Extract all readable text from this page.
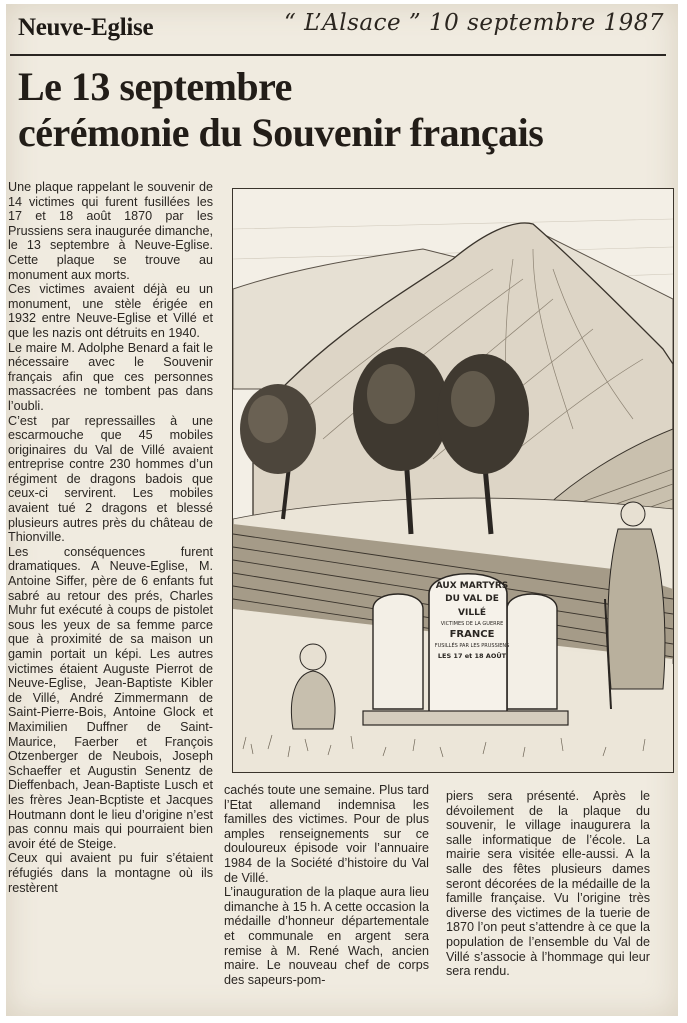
Neuve-Eglise	“ L’Alsace ” 10 septembre 1987
Le 13 septembre
cérémonie du Souvenir français

Une plaque rappelant le souvenir de 14 victimes qui furent fusillées les 17 et 18 août 1870 par les Prussiens sera inaugurée dimanche, le 13 septembre à Neuve-Eglise. Cette plaque se trouve au monument aux morts.

Ces victimes avaient déjà eu un monument, une stèle érigée en 1932 entre Neuve-Eglise et Villé et que les nazis ont détruits en 1940.

Le maire M. Adolphe Benard a fait le nécessaire avec le Souvenir français afin que ces personnes massacrées ne tombent pas dans l’oubli.

C’est par repressailles à une escarmouche que 45 mobiles originaires du Val de Villé avaient entreprise contre 230 hommes d’un régiment de dragons badois que ceux-ci servirent. Les mobiles avaient tué 2 dragons et blessé plusieurs autres près du château de Thionville.

Les conséquences furent dramatiques. A Neuve-Eglise, M. Antoine Siffer, père de 6 enfants fut sabré au retour des prés, Charles Muhr fut exécuté à coups de pistolet sous les yeux de sa femme parce que à proximité de sa maison un gamin portait un képi. Les autres victimes étaient Auguste Pierrot de Neuve-Eglise, Jean-Baptiste Kibler de Villé, André Zimmermann de Saint-Pierre-Bois, Antoine Glock et Maximilien Duffner de Saint-Maurice, Faerber et François Otzenberger de Neubois, Joseph Schaeffer et Augustin Senentz de Dieffenbach, Jean-Baptiste Lusch et les frères Jean-Bcptiste et Jacques Houtmann dont le lieu d’origine n’est pas connu mais qui pourraient bien avoir été de Steige.

Ceux qui avaient pu fuir s’étaient réfugiés dans la montagne où ils restèrent

AUX MARTYRS
DU VAL DE VILLÉ
VICTIMES DE LA GUERRE
FRANCE
FUSILLÉS PAR LES PRUSSIENS
LES 17 et 18 AOÛT

cachés toute une semaine. Plus tard l’Etat allemand indemnisa les familles des victimes. Pour de plus amples renseignements sur ce douloureux épisode voir l’annuaire 1984 de la Société d’histoire du Val de Villé.

L’inauguration de la plaque aura lieu dimanche à 15 h. A cette occasion la médaille d’honneur départementale et communale en argent sera remise à M. René Wach, ancien maire. Le nouveau chef de corps des sapeurs-pom-

piers sera présenté. Après le dévoilement de la plaque du souvenir, le village inaugurera la salle informatique de l’école. La mairie sera visitée elle-aussi. A la salle des fêtes plusieurs dames seront décorées de la médaille de la famille française. Vu l’origine très diverse des victimes de la tuerie de 1870 l’on peut s’attendre à ce que la population de l’ensemble du Val de Villé s’associe à l’hommage qui leur sera rendu.
